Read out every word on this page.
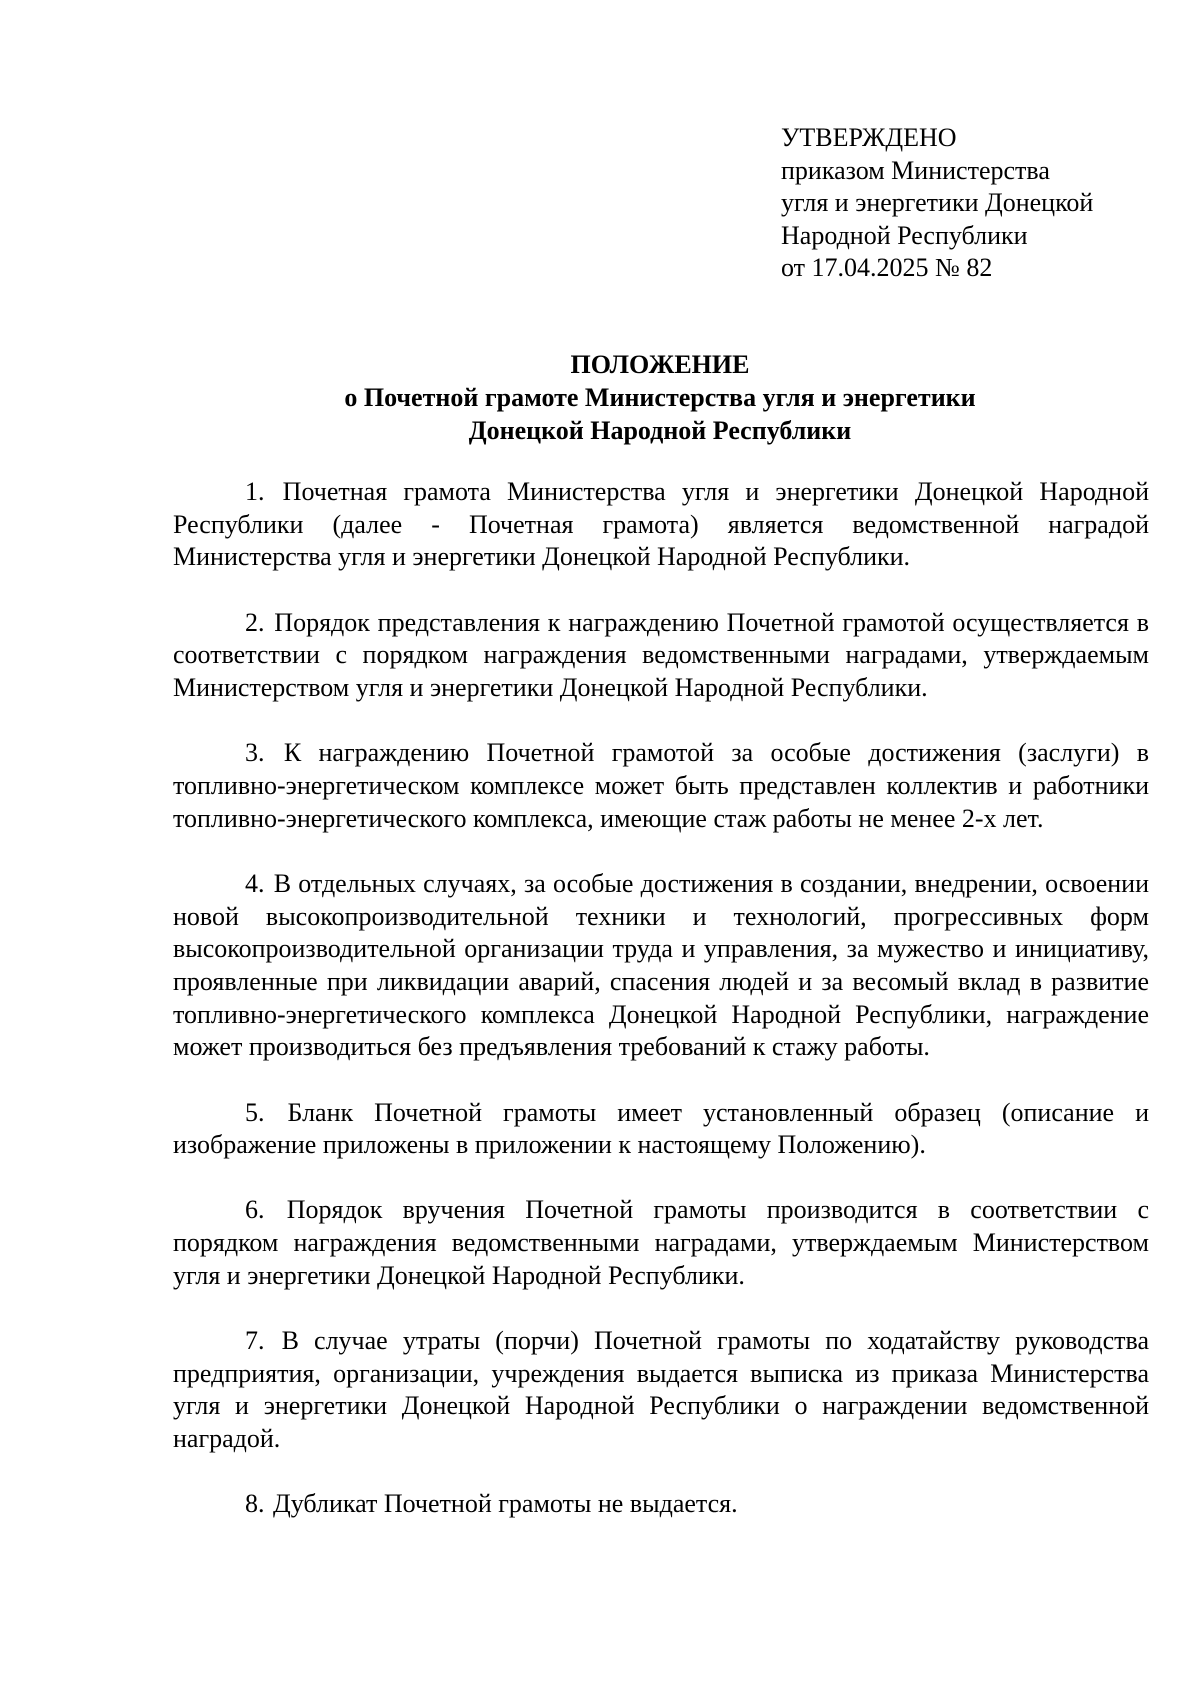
УТВЕРЖДЕНО
приказом Министерства
угля и энергетики Донецкой
Народной Республики
от 17.04.2025 № 82
ПОЛОЖЕНИЕ
о Почетной грамоте Министерства угля и энергетики
Донецкой Народной Республики

1. Почетная грамота Министерства угля и энергетики Донецкой Народной Республики (далее - Почетная грамота) является ведомственной наградой Министерства угля и энергетики Донецкой Народной Республики.

2. Порядок представления к награждению Почетной грамотой осуществляется в соответствии с порядком награждения ведомственными наградами, утверждаемым Министерством угля и энергетики Донецкой Народной Республики.

3. К награждению Почетной грамотой за особые достижения (заслуги) в топливно-энергетическом комплексе может быть представлен коллектив и работники топливно-энергетического комплекса, имеющие стаж работы не менее 2-х лет.

4. В отдельных случаях, за особые достижения в создании, внедрении, освоении новой высокопроизводительной техники и технологий, прогрессивных форм высокопроизводительной организации труда и управления, за мужество и инициативу, проявленные при ликвидации аварий, спасения людей и за весомый вклад в развитие топливно-энергетического комплекса Донецкой Народной Республики, награждение может производиться без предъявления требований к стажу работы.

5. Бланк Почетной грамоты имеет установленный образец (описание и изображение приложены в приложении к настоящему Положению).

6. Порядок вручения Почетной грамоты производится в соответствии с порядком награждения ведомственными наградами, утверждаемым Министерством угля и энергетики Донецкой Народной Республики.

7. В случае утраты (порчи) Почетной грамоты по ходатайству руководства предприятия, организации, учреждения выдается выписка из приказа Министерства угля и энергетики Донецкой Народной Республики о награждении ведомственной наградой.

8. Дубликат Почетной грамоты не выдается.
